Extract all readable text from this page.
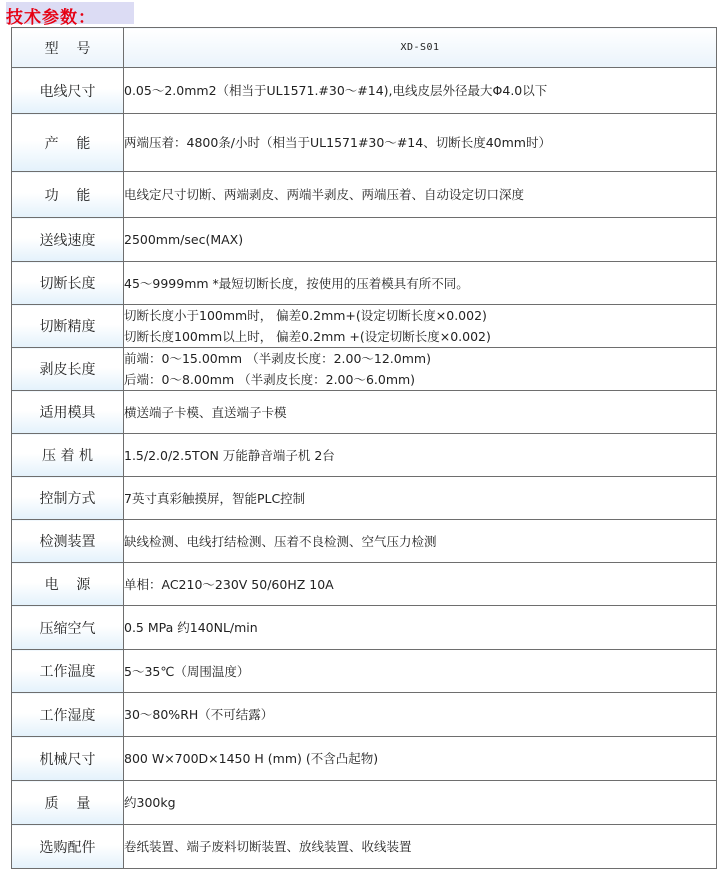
技术参数：
型    号	XD-S01
电线尺寸	0.05～2.0mm2（相当于UL1571.#30～#14),电线皮层外径最大Φ4.0以下

产    能	两端压着：4800条/小时（相当于UL1571#30～#14、切断长度40mm时）

功    能	电线定尺寸切断、两端剥皮、两端半剥皮、两端压着、自动设定切口深度

送线速度	2500mm/sec(MAX)

切断长度	45～9999mm *最短切断长度，按使用的压着模具有所不同。

切断精度	切断长度小于100mm时， 偏差0.2mm+(设定切断长度×0.002)
切断长度100mm以上时， 偏差0.2mm +(设定切断长度×0.002)

剥皮长度	前端：0～15.00mm （半剥皮长度：2.00～12.0mm)
后端：0～8.00mm （半剥皮长度：2.00～6.0mm)

适用模具	横送端子卡模、直送端子卡模

压 着 机	1.5/2.0/2.5TON 万能静音端子机 2台

控制方式	7英寸真彩触摸屏，智能PLC控制

检测装置	缺线检测、电线打结检测、压着不良检测、空气压力检测

电    源	单相：AC210～230V 50/60HZ 10A

压缩空气	0.5 MPa 约140NL/min

工作温度	5～35℃（周围温度）

工作湿度	30～80%RH（不可结露）

机械尺寸	800 W×700D×1450 H (mm) (不含凸起物)

质    量	约300kg

选购配件	卷纸装置、端子废料切断装置、放线装置、收线装置
